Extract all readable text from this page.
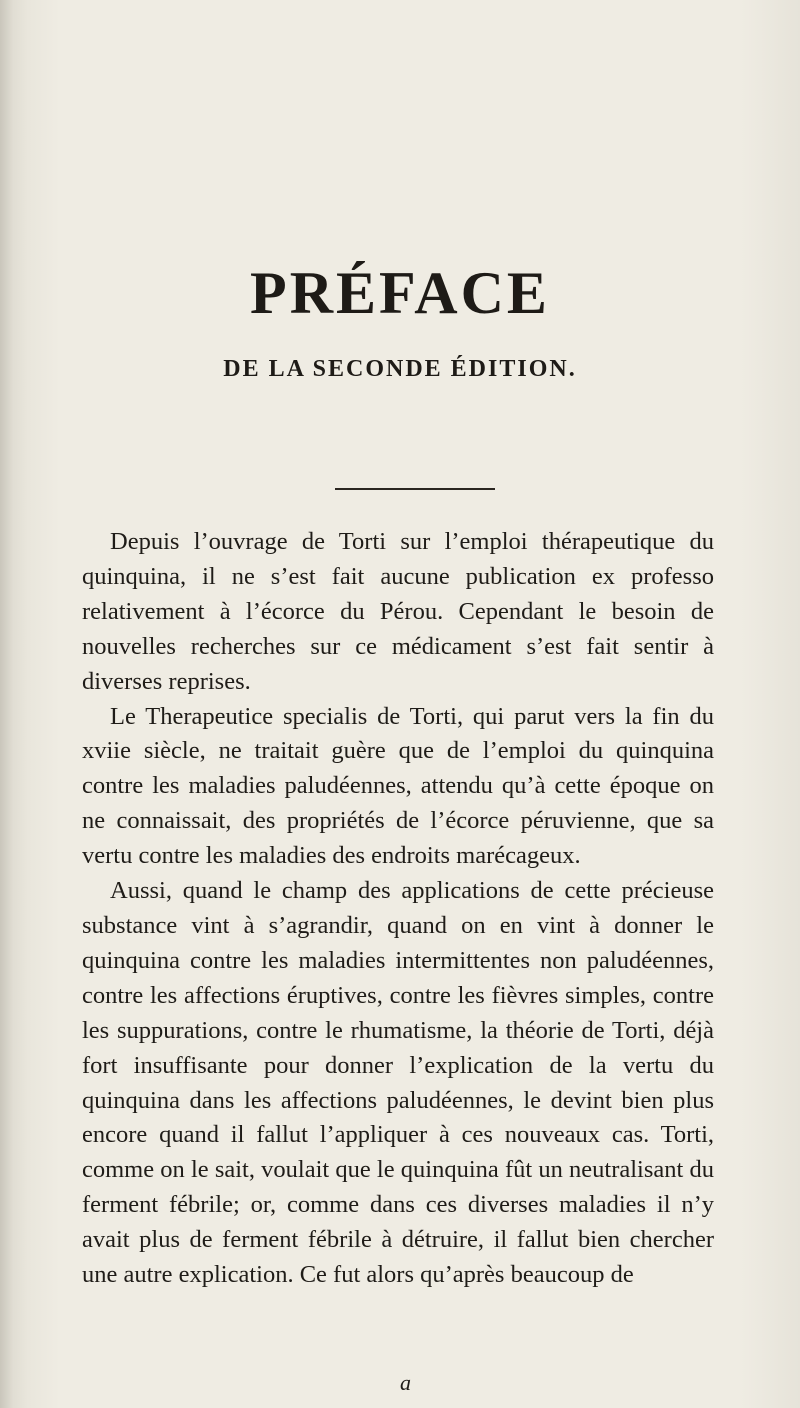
PRÉFACE
DE LA SECONDE ÉDITION.

Depuis l’ouvrage de Torti sur l’emploi thérapeutique du quinquina, il ne s’est fait aucune publication ex professo relativement à l’écorce du Pérou. Cependant le besoin de nouvelles recherches sur ce médicament s’est fait sentir à diverses reprises.

Le Therapeutice specialis de Torti, qui parut vers la fin du xviie siècle, ne traitait guère que de l’emploi du quinquina contre les maladies paludéennes, attendu qu’à cette époque on ne connaissait, des propriétés de l’écorce péruvienne, que sa vertu contre les maladies des endroits marécageux.

Aussi, quand le champ des applications de cette précieuse substance vint à s’agrandir, quand on en vint à donner le quinquina contre les maladies intermittentes non paludéennes, contre les affections éruptives, contre les fièvres simples, contre les suppurations, contre le rhumatisme, la théorie de Torti, déjà fort insuffisante pour donner l’explication de la vertu du quinquina dans les affections paludéennes, le devint bien plus encore quand il fallut l’appliquer à ces nouveaux cas. Torti, comme on le sait, voulait que le quinquina fût un neutralisant du ferment fébrile; or, comme dans ces diverses maladies il n’y avait plus de ferment fébrile à détruire, il fallut bien chercher une autre explication. Ce fut alors qu’après beaucoup de

a
